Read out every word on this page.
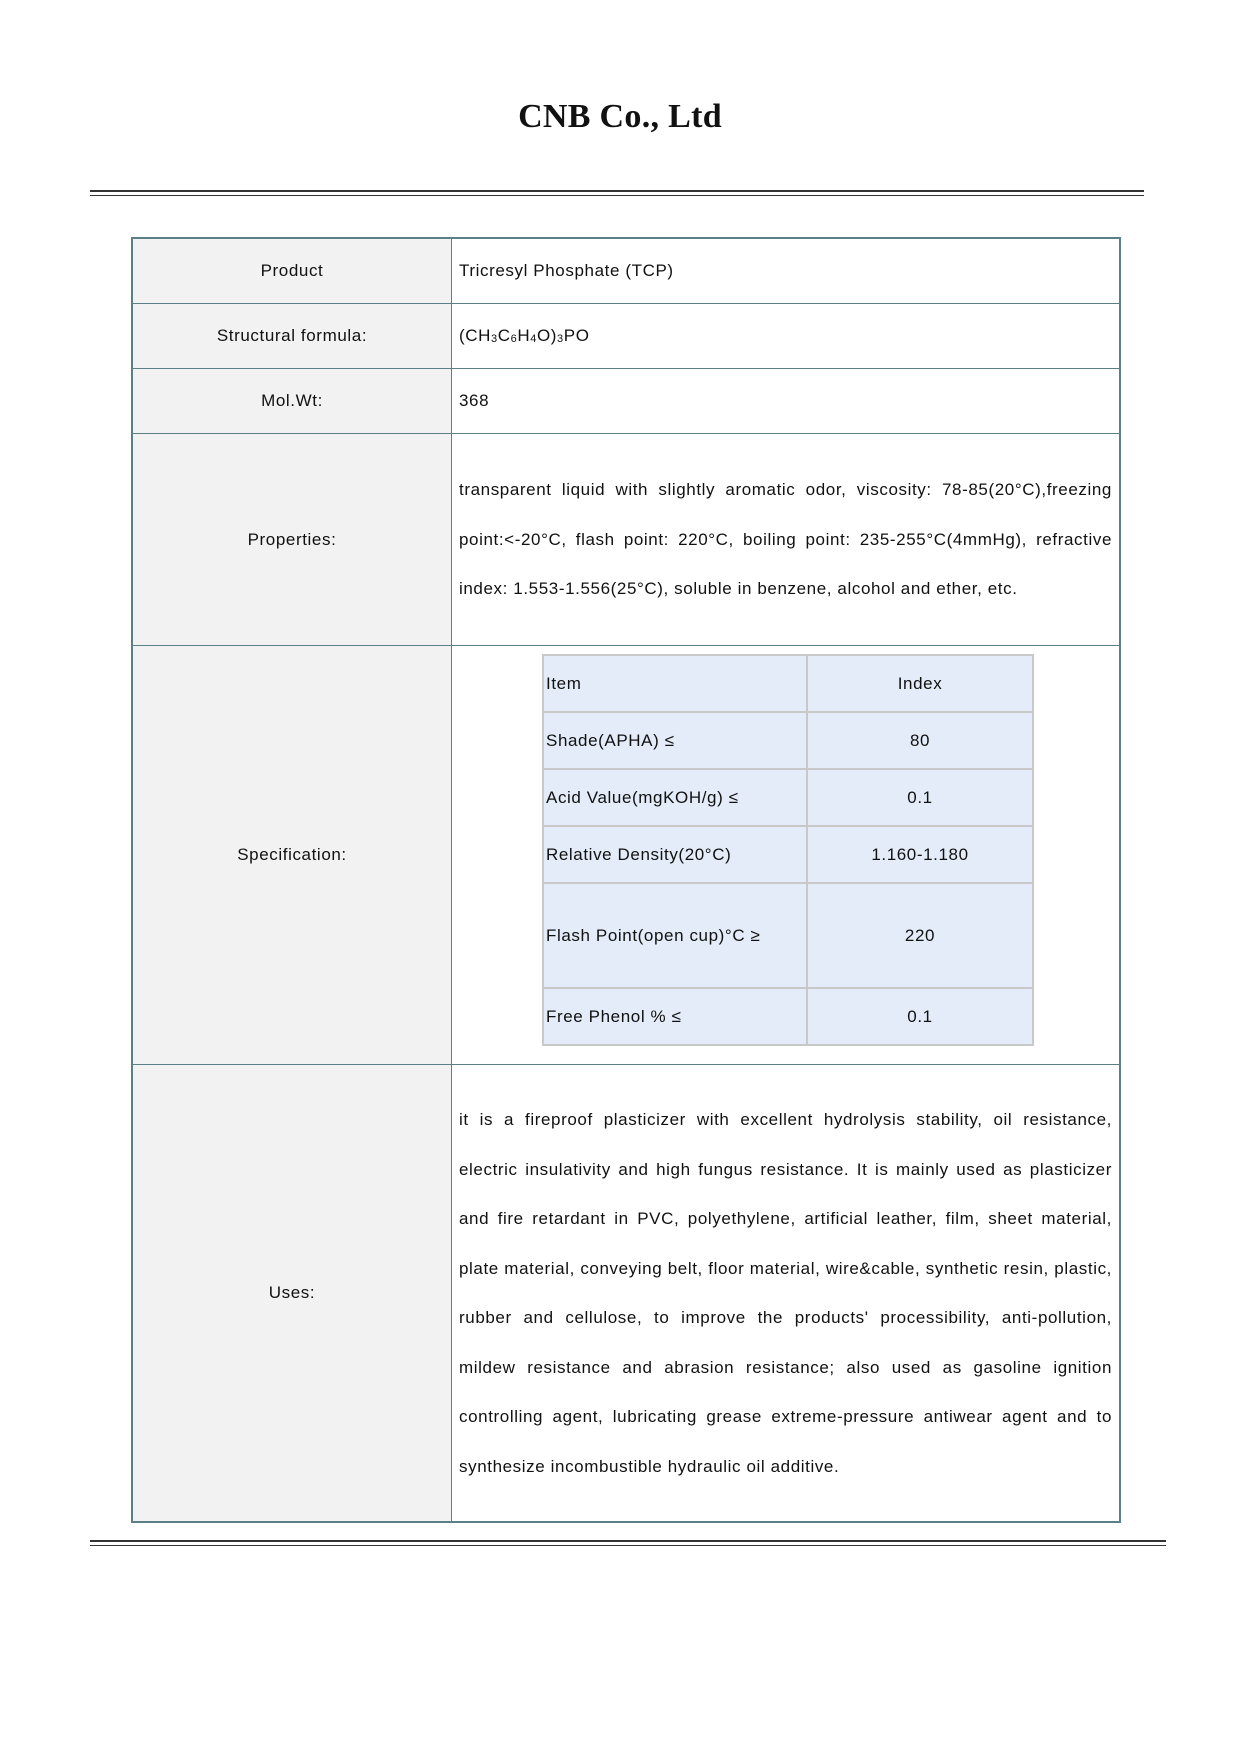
CNB Co., Ltd
Product	Tricresyl Phosphate (TCP)
Structural formula:	$(CH_3C_6H_4O)_3PO$
Mol.Wt:	368
Properties:	transparent liquid with slightly aromatic odor, viscosity: 78-85(20°C),freezing point:<-20°C, flash point: 220°C, boiling point: 235-255°C(4mmHg), refractive index: 1.553-1.556(25°C), soluble in benzene, alcohol and ether, etc.
Specification:	
Item	Index
Shade(APHA) ≤	80
Acid Value(mgKOH/g) ≤	0.1
Relative Density(20°C)	1.160-1.180
Flash Point(open cup)°C ≥	220
Free Phenol % ≤	0.1

Uses:	it is a fireproof plasticizer with excellent hydrolysis stability, oil resistance, electric insulativity and high fungus resistance. It is mainly used as plasticizer and fire retardant in PVC, polyethylene, artificial leather, film, sheet material, plate material, conveying belt, floor material, wire&cable, synthetic resin, plastic, rubber and cellulose, to improve the products' processibility, anti-pollution, mildew resistance and abrasion resistance; also used as gasoline ignition controlling agent, lubricating grease extreme-pressure antiwear agent and to synthesize incombustible hydraulic oil additive.
